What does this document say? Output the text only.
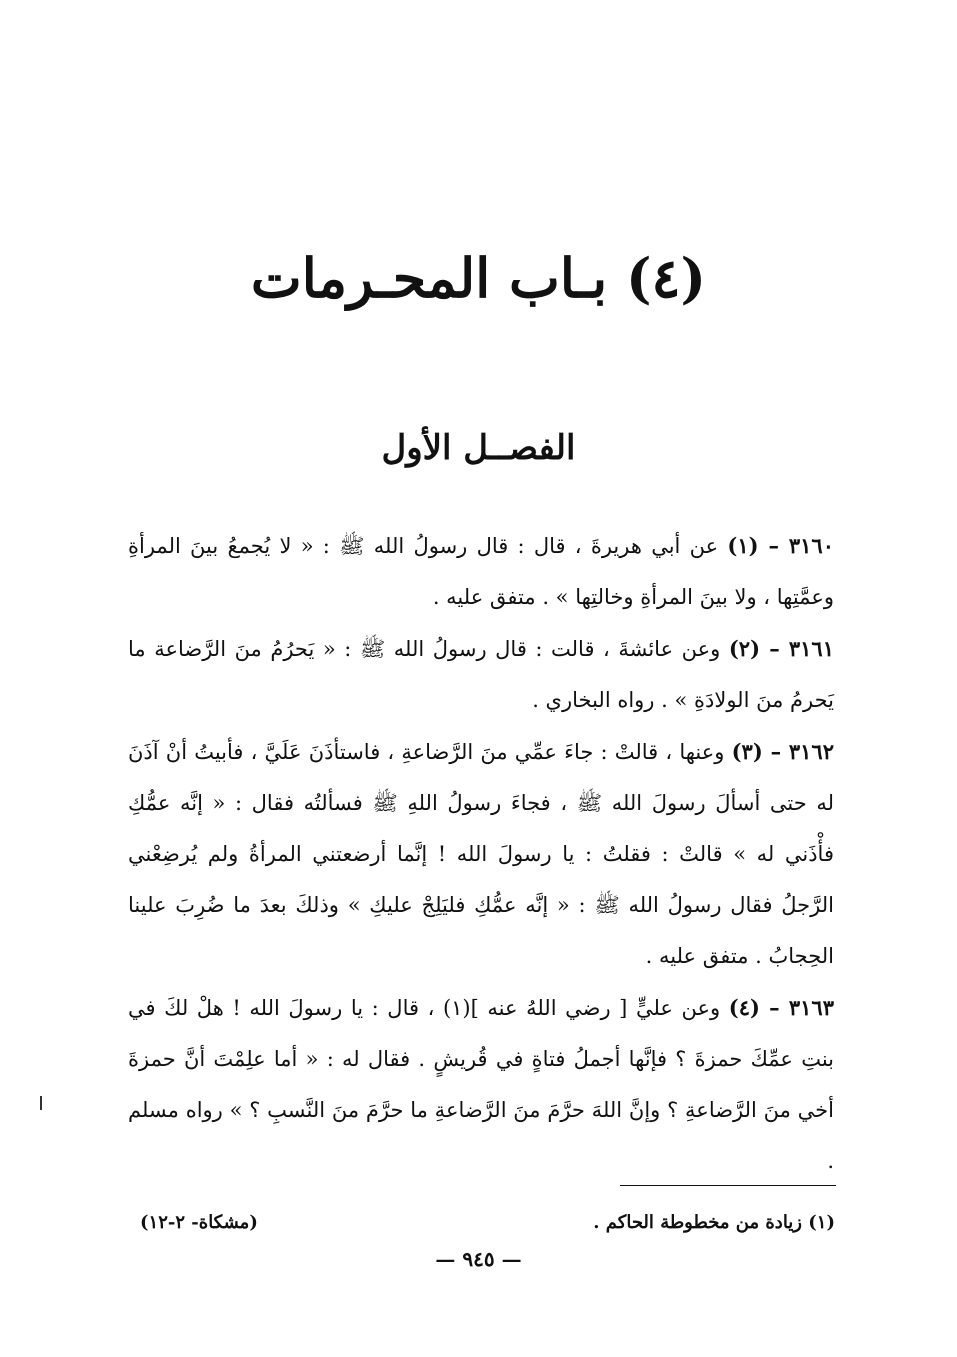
(٤) بـاب المحـرمات
الفصــل الأول

٣١٦٠ – (١) عن أبي هريرةَ ، قال : قال رسولُ الله ﷺ : « لا يُجمعُ بينَ المرأةِ وعمَّتِها ، ولا بينَ المرأةِ وخالتِها » . متفق عليه .

٣١٦١ – (٢) وعن عائشةَ ، قالت : قال رسولُ الله ﷺ : « يَحرُمُ منَ الرَّضاعة ما يَحرمُ منَ الولادَةِ » . رواه البخاري .

٣١٦٢ – (٣) وعنها ، قالتْ : جاءَ عمِّي منَ الرَّضاعةِ ، فاستأذَنَ عَلَيَّ ، فأبيتُ أنْ آذَنَ له حتى أسألَ رسولَ الله ﷺ ، فجاءَ رسولُ اللهِ ﷺ فسألتُه فقال : « إنَّه عمُّكِ فأْذَني له » قالتْ : فقلتُ : يا رسولَ الله ! إنَّما أرضعتني المرأةُ ولم يُرضِعْني الرَّجلُ فقال رسولُ الله ﷺ : « إنَّه عمُّكِ فليَلِجْ عليكِ » وذلكَ بعدَ ما ضُرِبَ علينا الحِجابُ . متفق عليه .

٣١٦٣ – (٤) وعن عليٍّ [ رضي اللهُ عنه ](١) ، قال : يا رسولَ الله ! هلْ لكَ في بنتِ عمِّكَ حمزةَ ؟ فإنَّها أجملُ فتاةٍ في قُريشٍ . فقال له : « أما علِمْتَ أنَّ حمزةَ أخي منَ الرَّضاعةِ ؟ وإنَّ اللهَ حرَّمَ منَ الرَّضاعةِ ما حرَّمَ منَ النَّسبِ ؟ » رواه مسلم .

(١) زيادة من مخطوطة الحاكم .
(مشكاة- ٢-١٢)
— ٩٤٥ —
